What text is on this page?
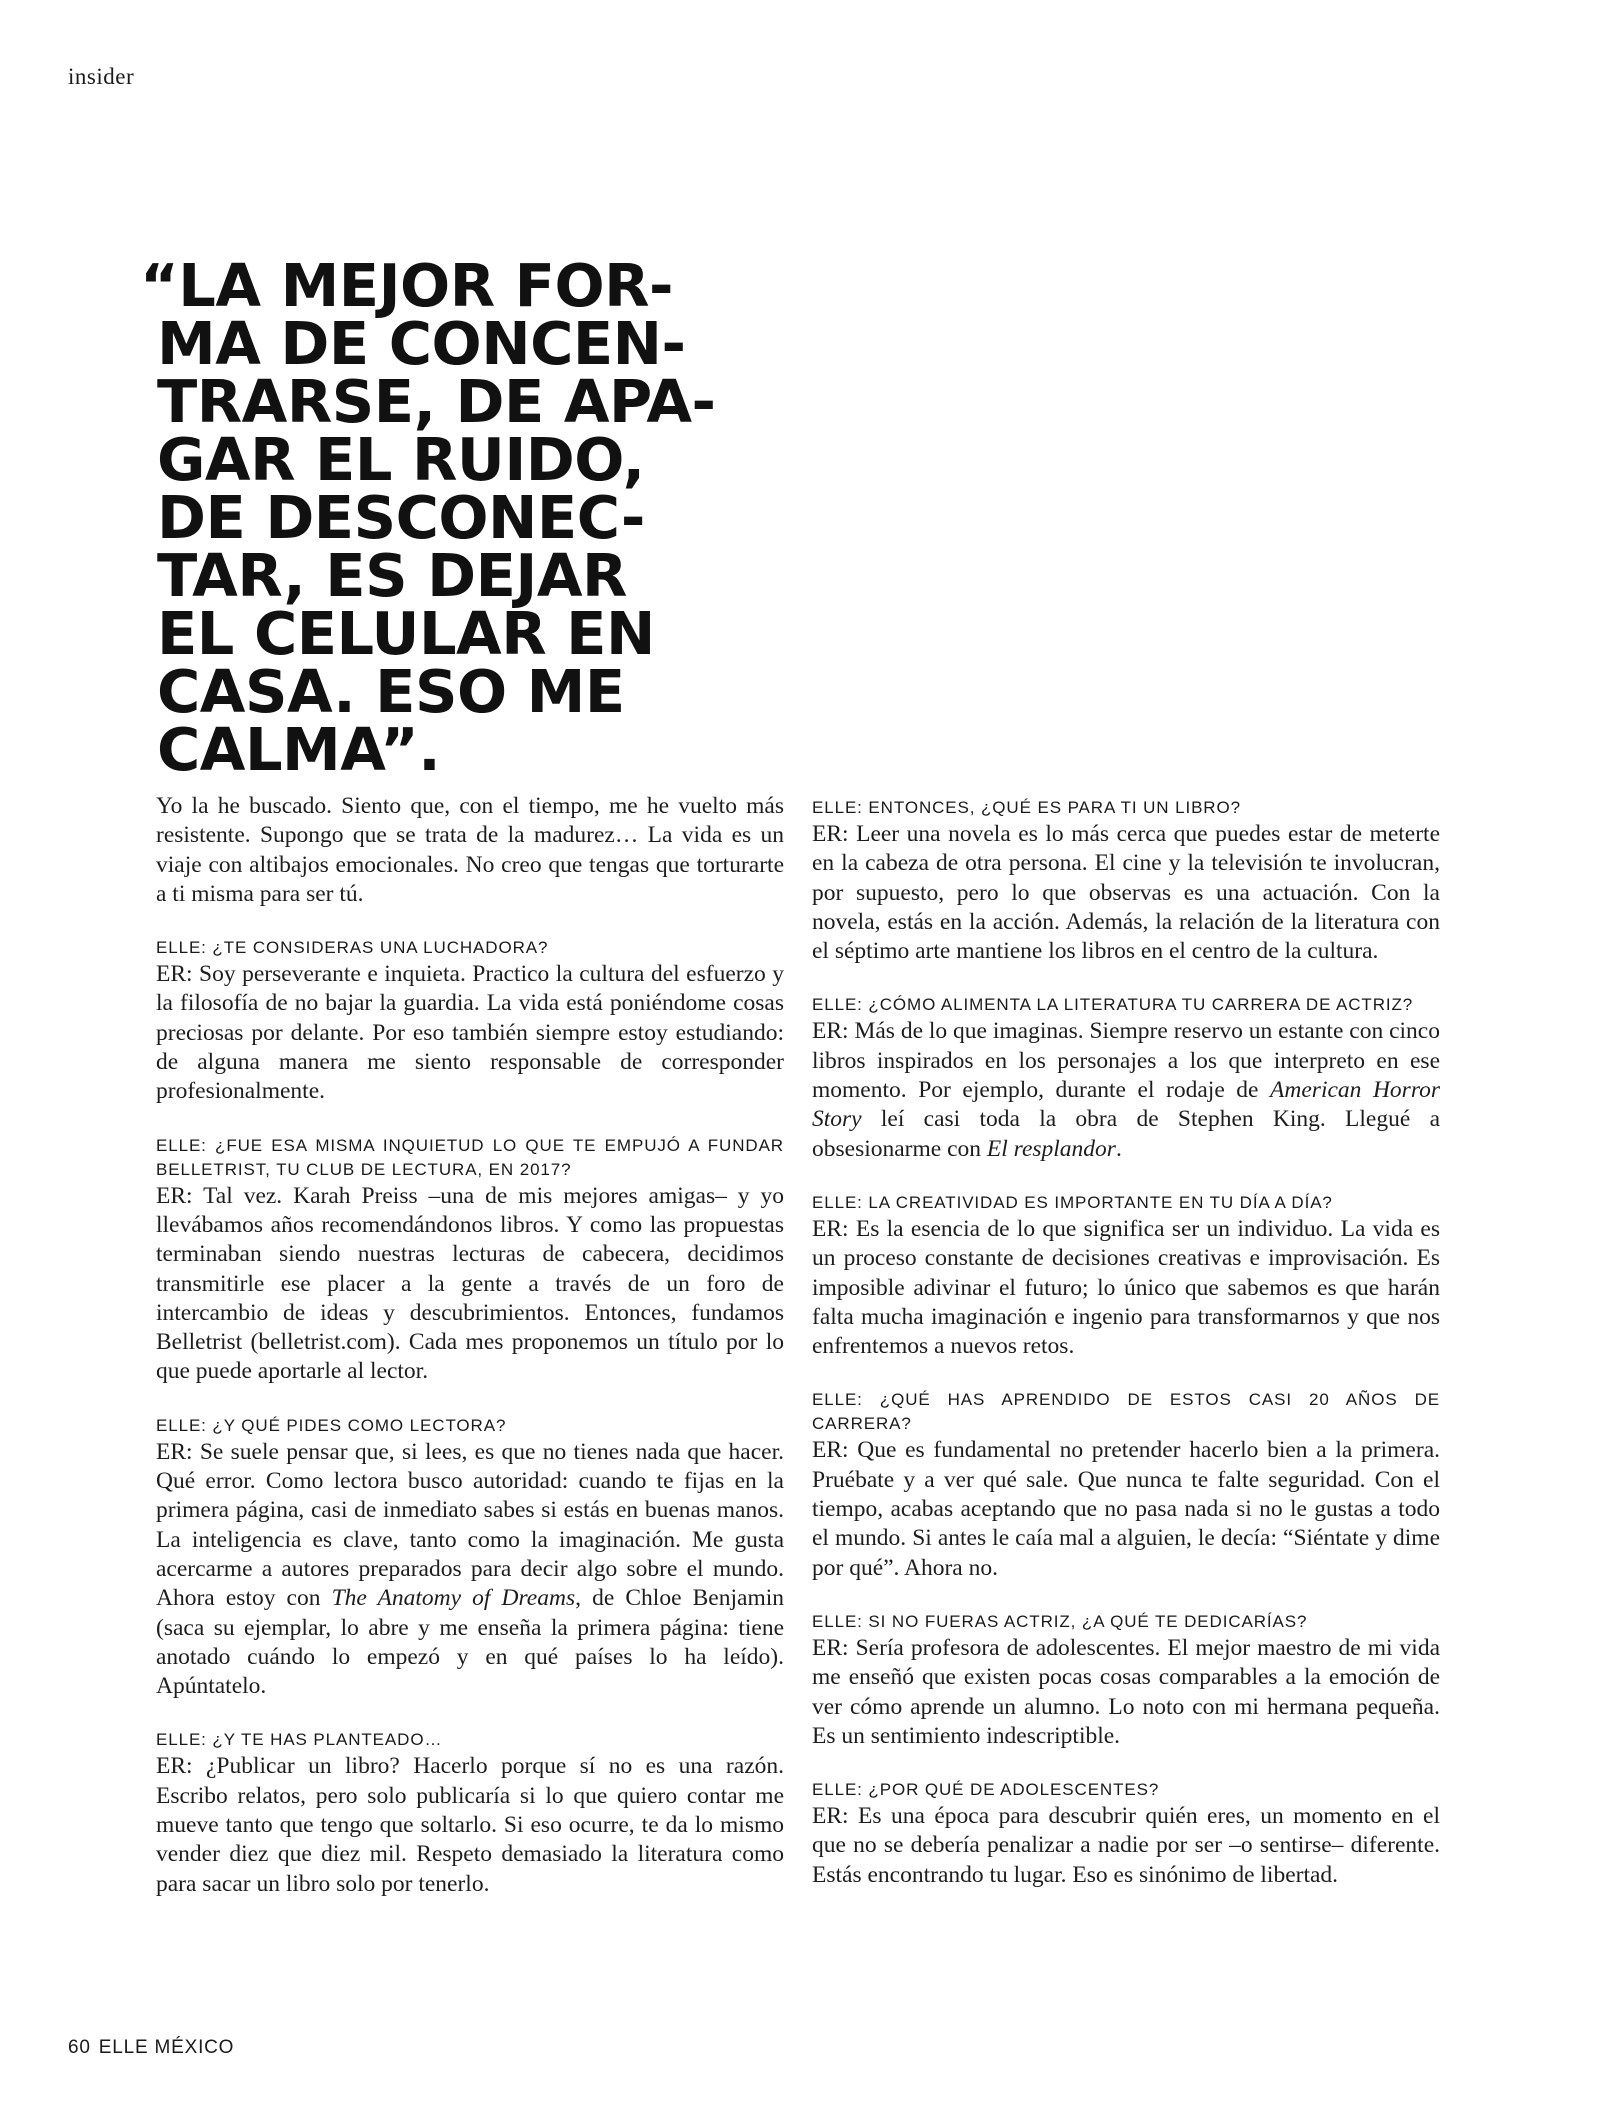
insider
“LA MEJOR FOR-
MA DE CONCEN-
TRARSE, DE APA-
GAR EL RUIDO,
DE DESCONEC-
TAR, ES DEJAR
EL CELULAR EN
CASA. ESO ME
CALMA”.

Yo la he buscado. Siento que, con el tiempo, me he vuelto más resistente. Supongo que se trata de la madurez… La vida es un viaje con altibajos emocionales. No creo que tengas que torturarte a ti misma para ser tú.

ELLE: ¿TE CONSIDERAS UNA LUCHADORA?

ER: Soy perseverante e inquieta. Practico la cultura del esfuerzo y la filosofía de no bajar la guardia. La vida está poniéndome cosas preciosas por delante. Por eso también siempre estoy estudiando: de alguna manera me siento responsable de corresponder profesionalmente.

ELLE: ¿FUE ESA MISMA INQUIETUD LO QUE TE EMPUJÓ A FUNDAR BELLETRIST, TU CLUB DE LECTURA, EN 2017?

ER: Tal vez. Karah Preiss –una de mis mejores amigas– y yo llevábamos años recomendándonos libros. Y como las propuestas terminaban siendo nuestras lecturas de cabecera, decidimos transmitirle ese placer a la gente a través de un foro de intercambio de ideas y descubrimientos. Entonces, fundamos Belletrist (belletrist.com). Cada mes proponemos un título por lo que puede aportarle al lector.

ELLE: ¿Y QUÉ PIDES COMO LECTORA?

ER: Se suele pensar que, si lees, es que no tienes nada que hacer. Qué error. Como lectora busco autoridad: cuando te fijas en la primera página, casi de inmediato sabes si estás en buenas manos. La inteligencia es clave, tanto como la imaginación. Me gusta acercarme a autores preparados para decir algo sobre el mundo. Ahora estoy con The Anatomy of Dreams, de Chloe Benjamin (saca su ejemplar, lo abre y me enseña la primera página: tiene anotado cuándo lo empezó y en qué países lo ha leído). Apúntatelo.

ELLE: ¿Y TE HAS PLANTEADO…

ER: ¿Publicar un libro? Hacerlo porque sí no es una razón. Escribo relatos, pero solo publicaría si lo que quiero contar me mueve tanto que tengo que soltarlo. Si eso ocurre, te da lo mismo vender diez que diez mil. Respeto demasiado la literatura como para sacar un libro solo por tenerlo.

ELLE: ENTONCES, ¿QUÉ ES PARA TI UN LIBRO?

ER: Leer una novela es lo más cerca que puedes estar de meterte en la cabeza de otra persona. El cine y la televisión te involucran, por supuesto, pero lo que observas es una actuación. Con la novela, estás en la acción. Además, la relación de la literatura con el séptimo arte mantiene los libros en el centro de la cultura.

ELLE: ¿CÓMO ALIMENTA LA LITERATURA TU CARRERA DE ACTRIZ?

ER: Más de lo que imaginas. Siempre reservo un estante con cinco libros inspirados en los personajes a los que interpreto en ese momento. Por ejemplo, durante el rodaje de American Horror Story leí casi toda la obra de Stephen King. Llegué a obsesionarme con El resplandor.

ELLE: LA CREATIVIDAD ES IMPORTANTE EN TU DÍA A DÍA?

ER: Es la esencia de lo que significa ser un individuo. La vida es un proceso constante de decisiones creativas e improvisación. Es imposible adivinar el futuro; lo único que sabemos es que harán falta mucha imaginación e ingenio para transformarnos y que nos enfrentemos a nuevos retos.

ELLE: ¿QUÉ HAS APRENDIDO DE ESTOS CASI 20 AÑOS DE CARRERA?

ER: Que es fundamental no pretender hacerlo bien a la primera. Pruébate y a ver qué sale. Que nunca te falte seguridad. Con el tiempo, acabas aceptando que no pasa nada si no le gustas a todo el mundo. Si antes le caía mal a alguien, le decía: “Siéntate y dime por qué”. Ahora no.

ELLE: SI NO FUERAS ACTRIZ, ¿A QUÉ TE DEDICARÍAS?

ER: Sería profesora de adolescentes. El mejor maestro de mi vida me enseñó que existen pocas cosas comparables a la emoción de ver cómo aprende un alumno. Lo noto con mi hermana pequeña. Es un sentimiento indescriptible.

ELLE: ¿POR QUÉ DE ADOLESCENTES?

ER: Es una época para descubrir quién eres, un momento en el que no se debería penalizar a nadie por ser –o sentirse– diferente. Estás encontrando tu lugar. Eso es sinónimo de libertad.

60 ELLE MÉXICO
